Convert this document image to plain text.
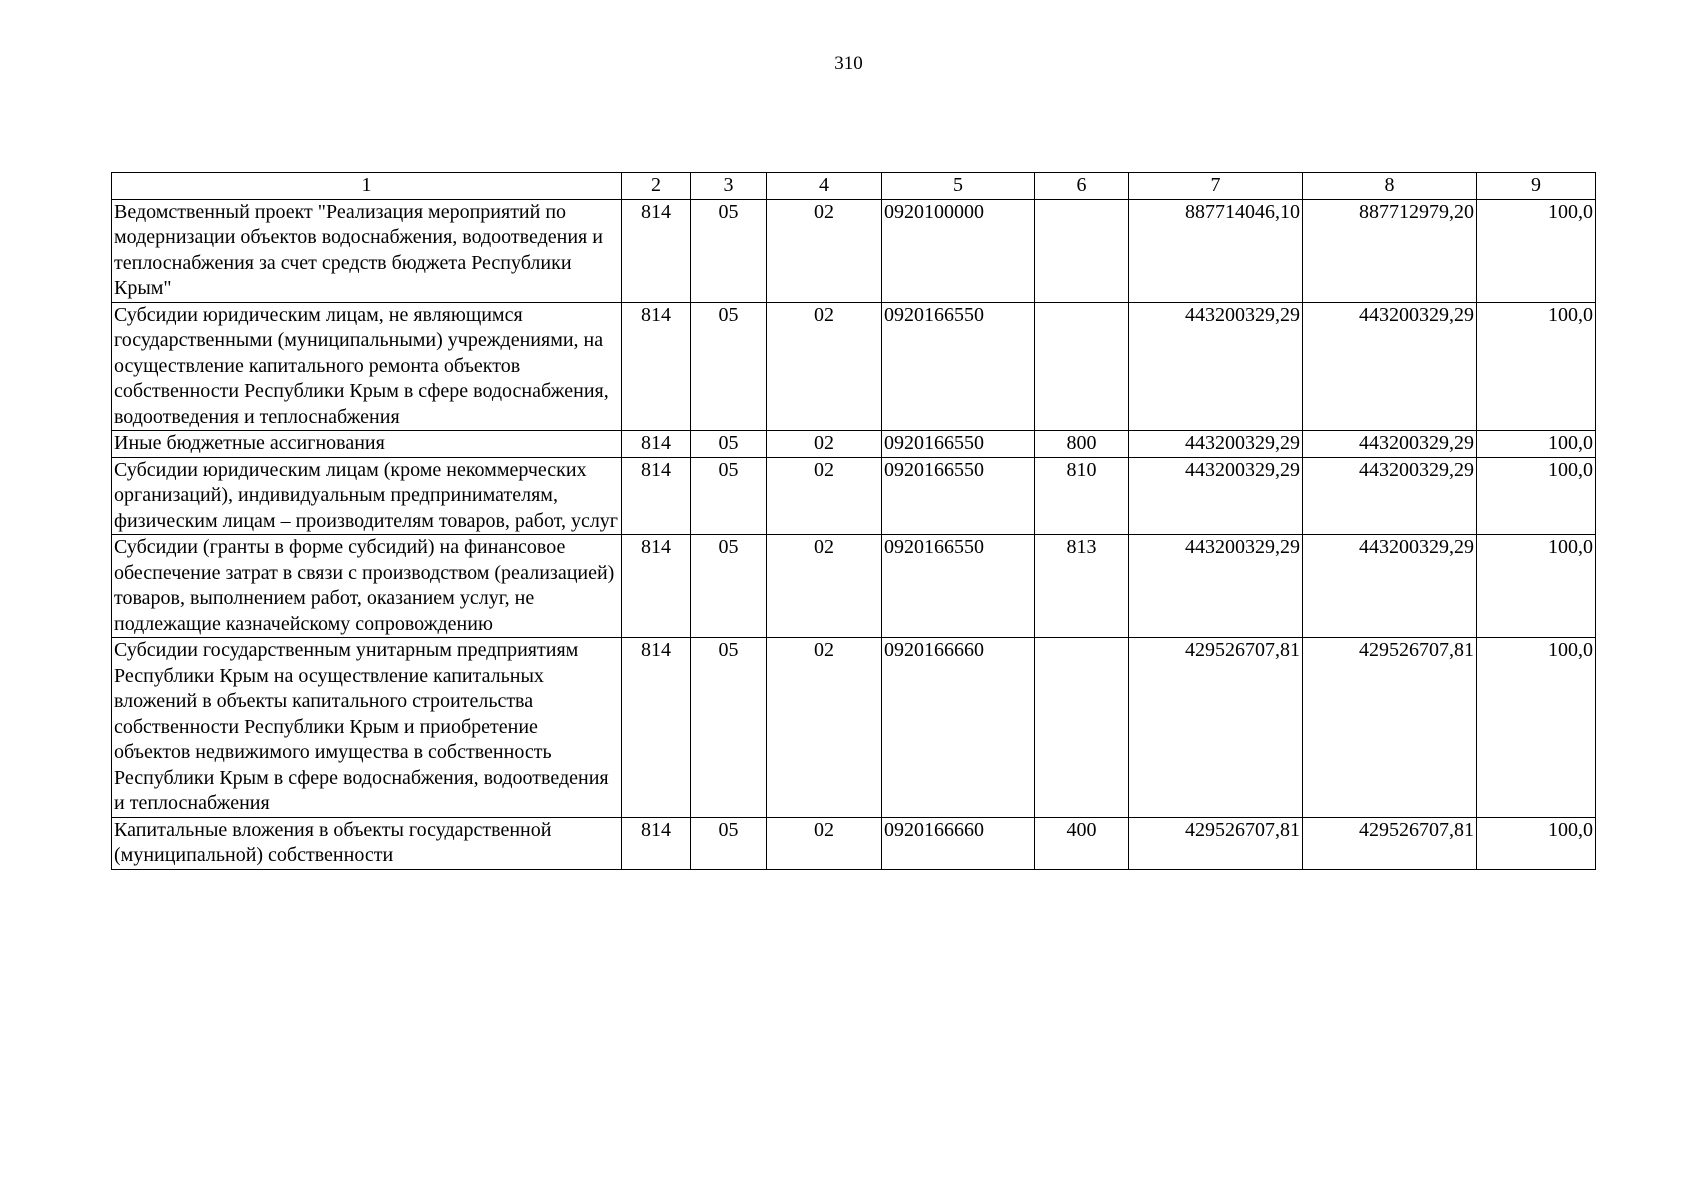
310
1	2	3	4	5	6	7	8	9
Ведомственный проект "Реализация мероприятий по модернизации объектов водоснабжения, водоотведения и теплоснабжения за счет средств бюджета Республики Крым"	814	05	02	0920100000		887714046,10	887712979,20	100,0
Субсидии юридическим лицам, не являющимся государственными (муниципальными) учреждениями, на осуществление капитального ремонта объектов собственности Республики Крым в сфере водоснабжения, водоотведения и теплоснабжения	814	05	02	0920166550		443200329,29	443200329,29	100,0
Иные бюджетные ассигнования	814	05	02	0920166550	800	443200329,29	443200329,29	100,0
Субсидии юридическим лицам (кроме некоммерческих организаций), индивидуальным предпринимателям, физическим лицам – производителям товаров, работ, услуг	814	05	02	0920166550	810	443200329,29	443200329,29	100,0
Субсидии (гранты в форме субсидий) на финансовое обеспечение затрат в связи с производством (реализацией) товаров, выполнением работ, оказанием услуг, не подлежащие казначейскому сопровождению	814	05	02	0920166550	813	443200329,29	443200329,29	100,0
Субсидии государственным унитарным предприятиям Республики Крым на осуществление капитальных вложений в объекты капитального строительства собственности Республики Крым и приобретение объектов недвижимого имущества в собственность Республики Крым в сфере водоснабжения, водоотведения и теплоснабжения	814	05	02	0920166660		429526707,81	429526707,81	100,0
Капитальные вложения в объекты государственной (муниципальной) собственности	814	05	02	0920166660	400	429526707,81	429526707,81	100,0
